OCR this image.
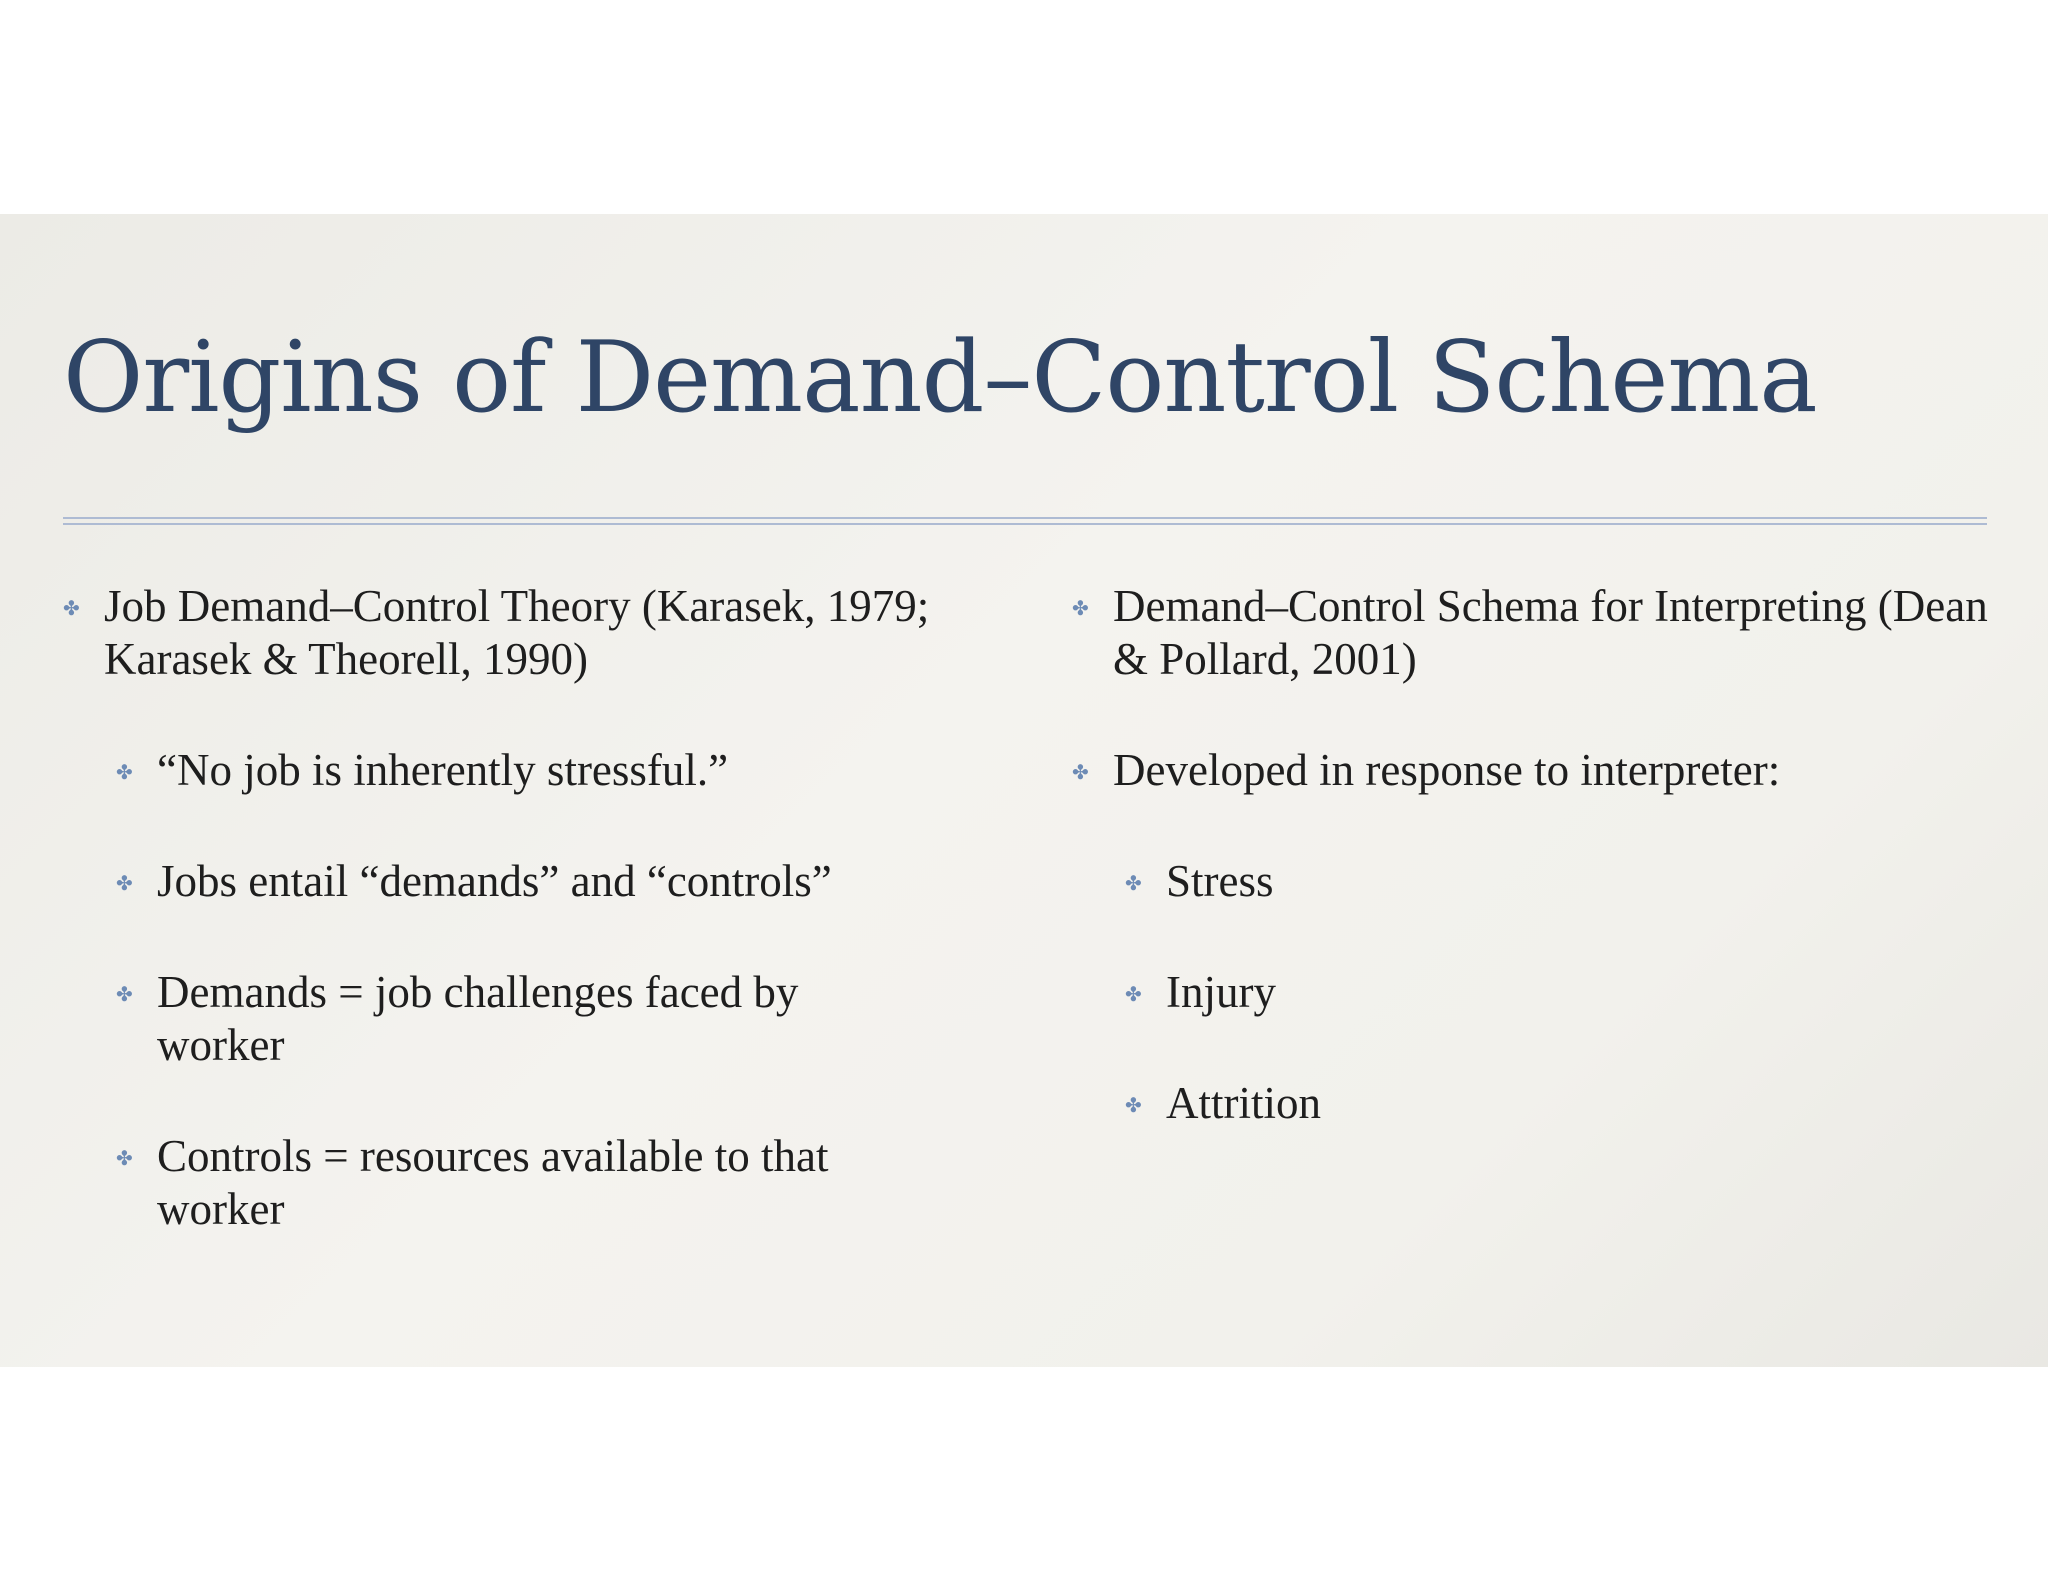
Origins of Demand–Control Schema
✤ Job Demand–Control Theory (Karasek, 1979; Karasek & Theorell, 1990)
✤ “No job is inherently stressful.”
✤ Jobs entail “demands” and “controls”
✤ Demands = job challenges faced by worker
✤ Controls = resources available to that worker
✤ Demand–Control Schema for Interpreting (Dean & Pollard, 2001)
✤ Developed in response to interpreter:
✤ Stress
✤ Injury
✤ Attrition
